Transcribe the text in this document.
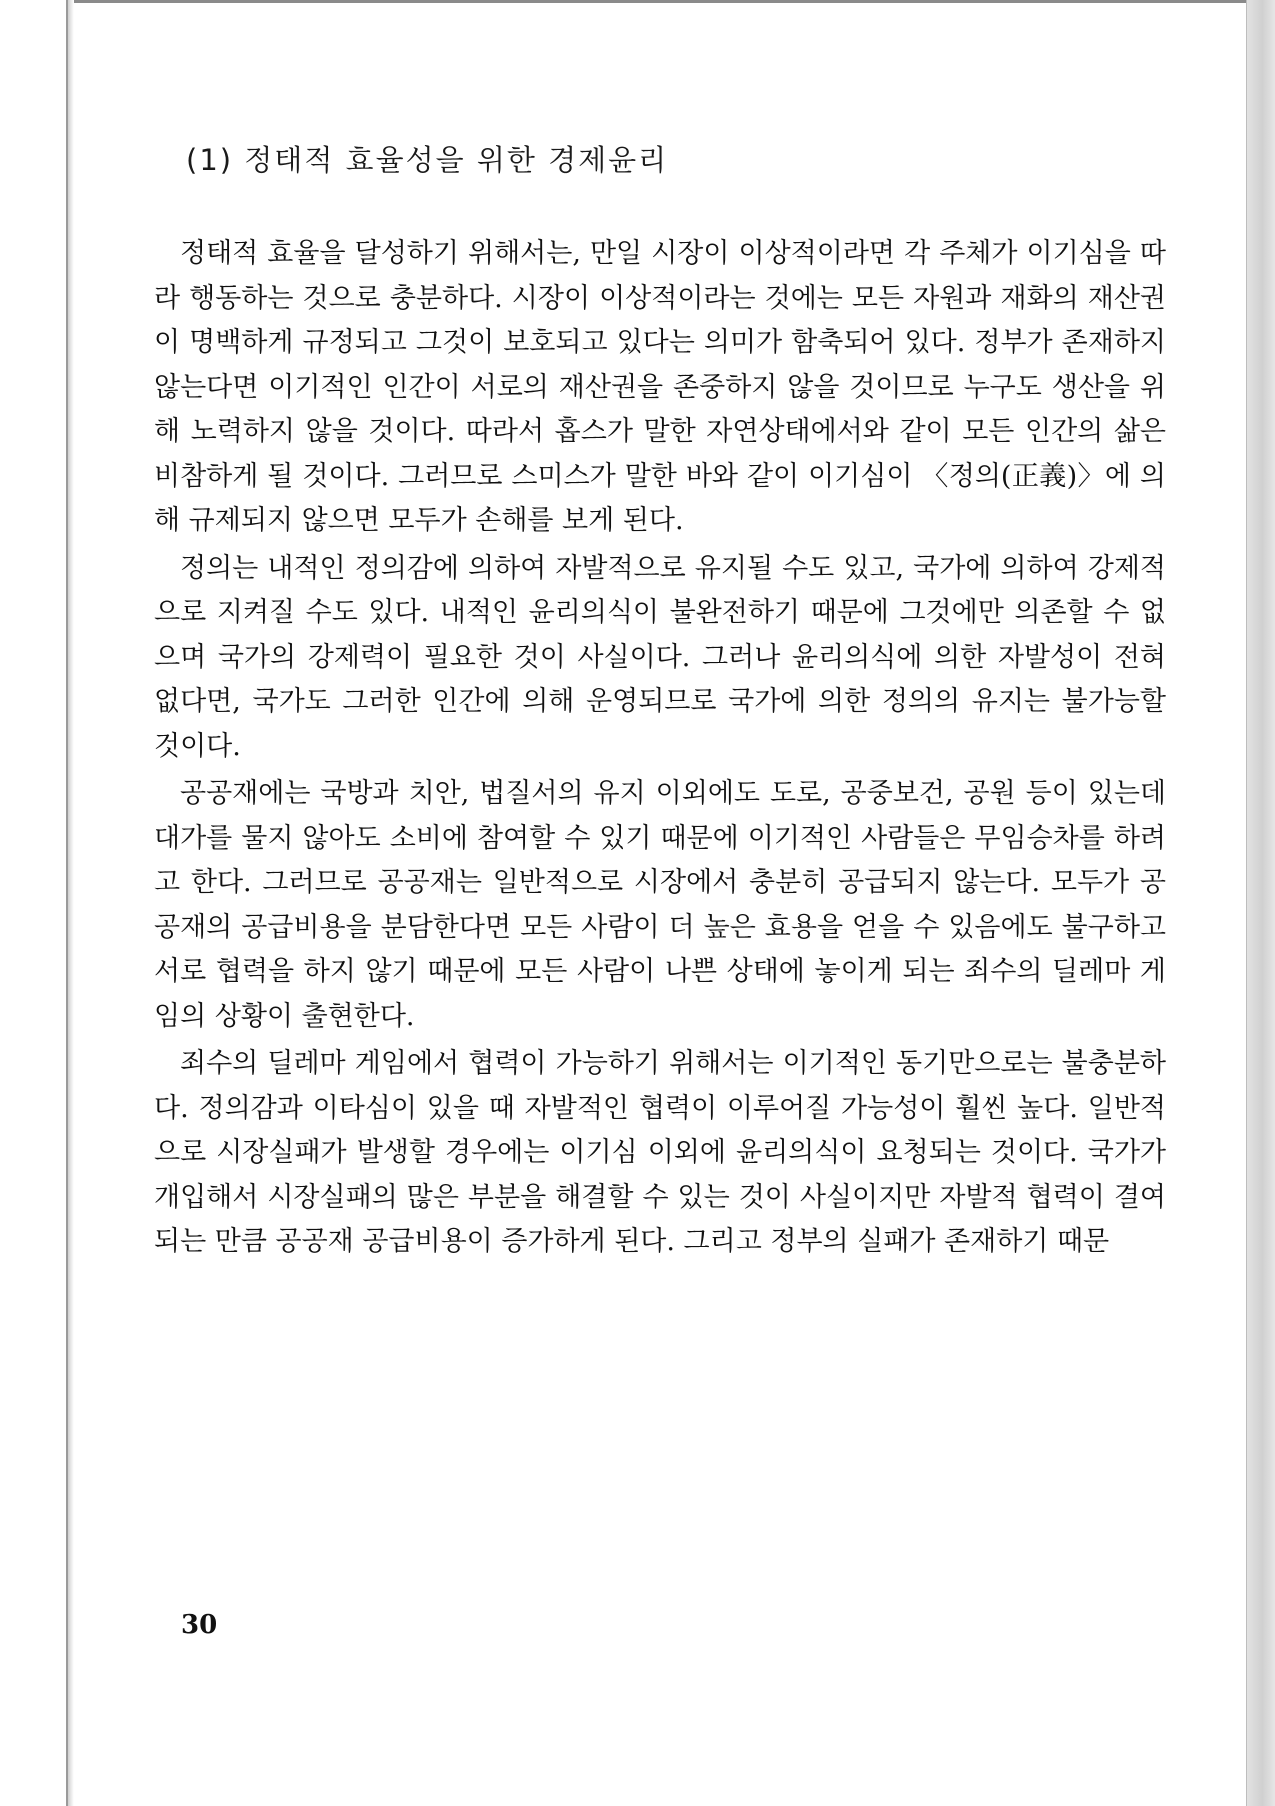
(1) 정태적 효율성을 위한 경제윤리

정태적 효율을 달성하기 위해서는, 만일 시장이 이상적이라면 각 주체가 이기심을 따라 행동하는 것으로 충분하다. 시장이 이상적이라는 것에는 모든 자원과 재화의 재산권이 명백하게 규정되고 그것이 보호되고 있다는 의미가 함축되어 있다. 정부가 존재하지 않는다면 이기적인 인간이 서로의 재산권을 존중하지 않을 것이므로 누구도 생산을 위해 노력하지 않을 것이다. 따라서 홉스가 말한 자연상태에서와 같이 모든 인간의 삶은 비참하게 될 것이다. 그러므로 스미스가 말한 바와 같이 이기심이 〈정의(正義)〉에 의해 규제되지 않으면 모두가 손해를 보게 된다.

정의는 내적인 정의감에 의하여 자발적으로 유지될 수도 있고, 국가에 의하여 강제적으로 지켜질 수도 있다. 내적인 윤리의식이 불완전하기 때문에 그것에만 의존할 수 없으며 국가의 강제력이 필요한 것이 사실이다. 그러나 윤리의식에 의한 자발성이 전혀 없다면, 국가도 그러한 인간에 의해 운영되므로 국가에 의한 정의의 유지는 불가능할 것이다.

공공재에는 국방과 치안, 법질서의 유지 이외에도 도로, 공중보건, 공원 등이 있는데 대가를 물지 않아도 소비에 참여할 수 있기 때문에 이기적인 사람들은 무임승차를 하려고 한다. 그러므로 공공재는 일반적으로 시장에서 충분히 공급되지 않는다. 모두가 공공재의 공급비용을 분담한다면 모든 사람이 더 높은 효용을 얻을 수 있음에도 불구하고 서로 협력을 하지 않기 때문에 모든 사람이 나쁜 상태에 놓이게 되는 죄수의 딜레마 게임의 상황이 출현한다.

죄수의 딜레마 게임에서 협력이 가능하기 위해서는 이기적인 동기만으로는 불충분하다. 정의감과 이타심이 있을 때 자발적인 협력이 이루어질 가능성이 훨씬 높다. 일반적으로 시장실패가 발생할 경우에는 이기심 이외에 윤리의식이 요청되는 것이다. 국가가 개입해서 시장실패의 많은 부분을 해결할 수 있는 것이 사실이지만 자발적 협력이 결여되는 만큼 공공재 공급비용이 증가하게 된다. 그리고 정부의 실패가 존재하기 때문

30
